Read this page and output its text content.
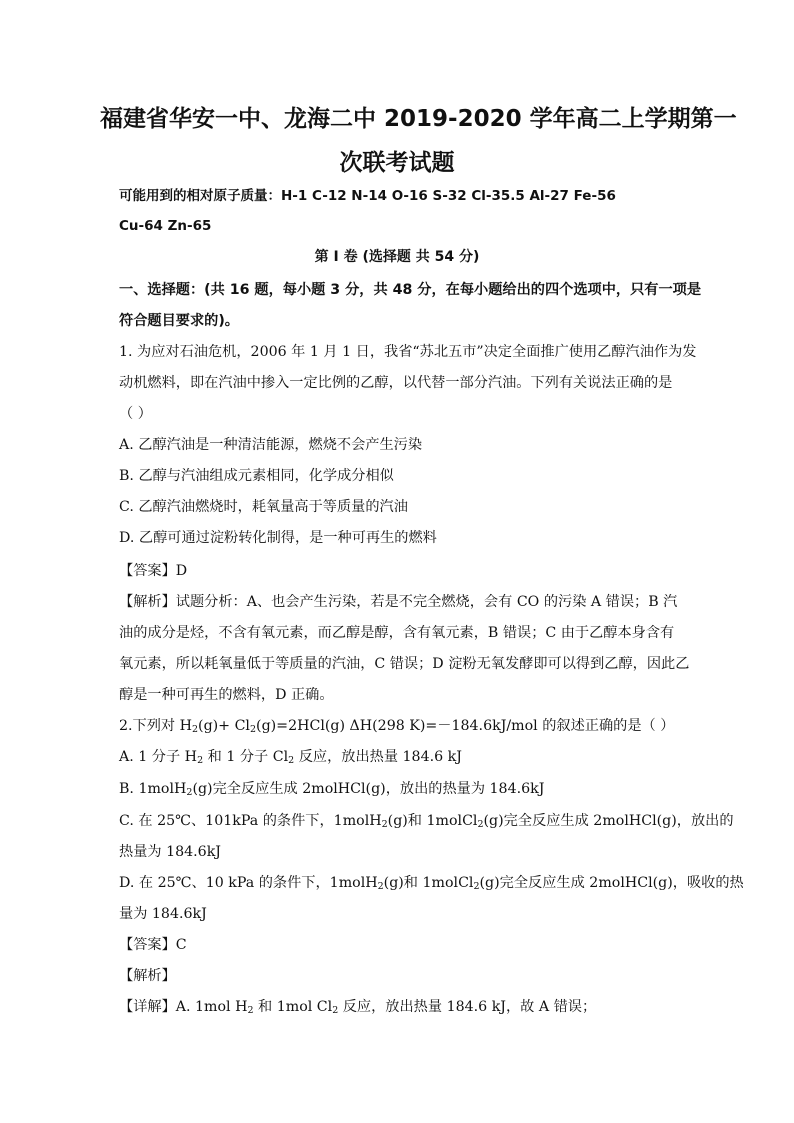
福建省华安一中、龙海二中 2019-2020 学年高二上学期第一
次联考试题
可能用到的相对原子质量：H-1 C-12 N-14 O-16 S-32 Cl-35.5 Al-27 Fe-56
Cu-64 Zn-65
第 I 卷 (选择题 共 54 分)
一、选择题：(共 16 题，每小题 3 分，共 48 分，在每小题给出的四个选项中，只有一项是
符合题目要求的)。
1. 为应对石油危机，2006 年 1 月 1 日，我省“苏北五市”决定全面推广使用乙醇汽油作为发
动机燃料，即在汽油中掺入一定比例的乙醇，以代替一部分汽油。下列有关说法正确的是
（ ）
A. 乙醇汽油是一种清洁能源，燃烧不会产生污染
B. 乙醇与汽油组成元素相同，化学成分相似
C. 乙醇汽油燃烧时，耗氧量高于等质量的汽油
D. 乙醇可通过淀粉转化制得，是一种可再生的燃料
【答案】D
【解析】试题分析：A、也会产生污染，若是不完全燃烧，会有 CO 的污染 A 错误；B 汽
油的成分是烃，不含有氧元素，而乙醇是醇，含有氧元素，B 错误；C 由于乙醇本身含有
氧元素，所以耗氧量低于等质量的汽油，C 错误；D 淀粉无氧发酵即可以得到乙醇，因此乙
醇是一种可再生的燃料，D 正确。
2.下列对 $H_2(g)+ Cl_2(g)=2HCl(g)$ ΔH(298 K)=－184.6kJ/mol 的叙述正确的是（ ）
A. 1 分子 $H_2$ 和 1 分子 $Cl_2$ 反应，放出热量 184.6 kJ
B. 1molH$_2$(g)完全反应生成 2molHCl(g)，放出的热量为 184.6kJ
C. 在 25℃、101kPa 的条件下，1molH$_2$(g)和 1molCl$_2$(g)完全反应生成 2molHCl(g)，放出的
热量为 184.6kJ
D. 在 25℃、10 kPa 的条件下，1molH$_2$(g)和 1molCl$_2$(g)完全反应生成 2molHCl(g)，吸收的热
量为 184.6kJ
【答案】C
【解析】
【详解】A. 1mol $H_2$ 和 1mol $Cl_2$ 反应，放出热量 184.6 kJ，故 A 错误；
